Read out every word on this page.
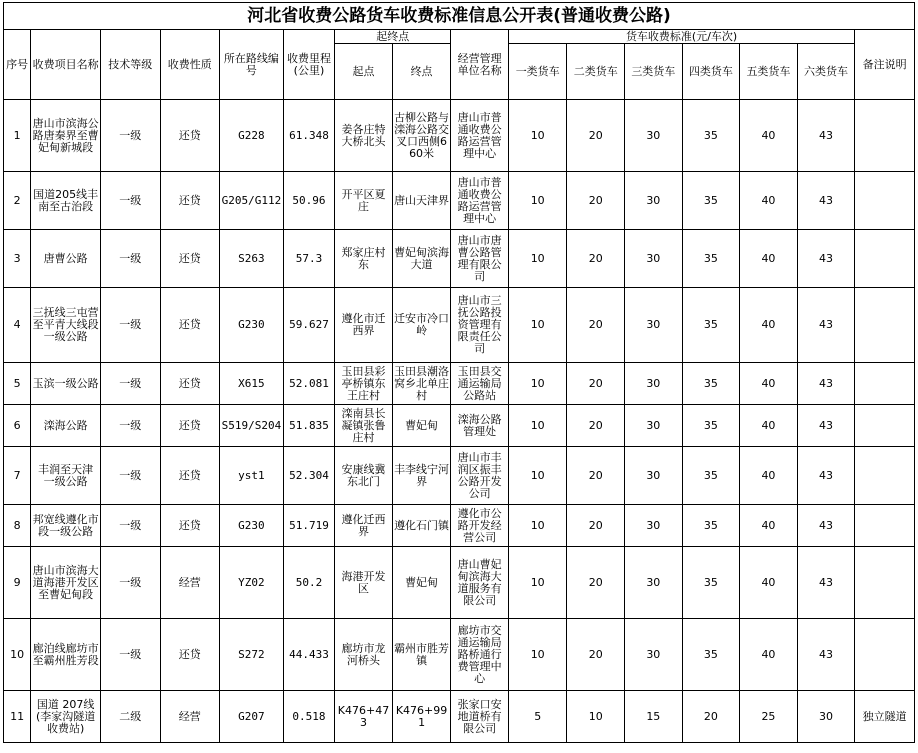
河北省收费公路货车收费标准信息公开表(普通收费公路)															
序号	收费项目名称	技术等级	收费性质	所在路线编号	收费里程(公里)	起终点		经营管理单位名称	货车收费标准(元/车次)						备注说明
						起点	终点		一类货车	二类货车	三类货车	四类货车	五类货车	六类货车	
1	唐山市滨海公路唐秦界至曹妃甸新城段	一级	还贷	G228	61.348	姜各庄特大桥北头	古柳公路与滦海公路交叉口西侧660米	唐山市普通收费公路运营管理中心	10	20	30	35	40	43	
2	国道205线丰南至古治段	一级	还贷	G205/G112	50.96	开平区夏庄	唐山天津界	唐山市普通收费公路运营管理中心	10	20	30	35	40	43	
3	唐曹公路	一级	还贷	S263	57.3	郑家庄村东	曹妃甸滨海大道	唐山市唐曹公路管理有限公司	10	20	30	35	40	43	
4	三抚线三屯营至平青大线段一级公路	一级	还贷	G230	59.627	遵化市迁西界	迁安市冷口岭	唐山市三抚公路投资管理有限责任公司	10	20	30	35	40	43	
5	玉滨一级公路	一级	还贷	X615	52.081	玉田县彩亭桥镇东王庄村	玉田县潮洛窝乡北单庄村	玉田县交通运输局公路站	10	20	30	35	40	43	
6	滦海公路	一级	还贷	S519/S204	51.835	滦南县长凝镇张鲁庄村	曹妃甸	滦海公路管理处	10	20	30	35	40	43	
7	丰润至天津 一级公路	一级	还贷	yst1	52.304	安康线冀东北门	丰李线宁河界	唐山市丰润区振丰公路开发公司	10	20	30	35	40	43	
8	邦宽线遵化市段一级公路	一级	还贷	G230	51.719	遵化迁西界	遵化石门镇	遵化市公路开发经营公司	10	20	30	35	40	43	
9	唐山市滨海大道海港开发区至曹妃甸段	一级	经营	YZ02	50.2	海港开发区	曹妃甸	唐山曹妃甸滨海大道服务有限公司	10	20	30	35	40	43	
10	廊泊线廊坊市至霸州胜芳段	一级	还贷	S272	44.433	廊坊市龙河桥头	霸州市胜芳镇	廊坊市交通运输局路桥通行费管理中心	10	20	30	35	40	43	
11	国道 207线(李家沟隧道收费站)	二级	经营	G207	0.518	K476+473	K476+991	张家口安地道桥有限公司	5	10	15	20	25	30	独立隧道
